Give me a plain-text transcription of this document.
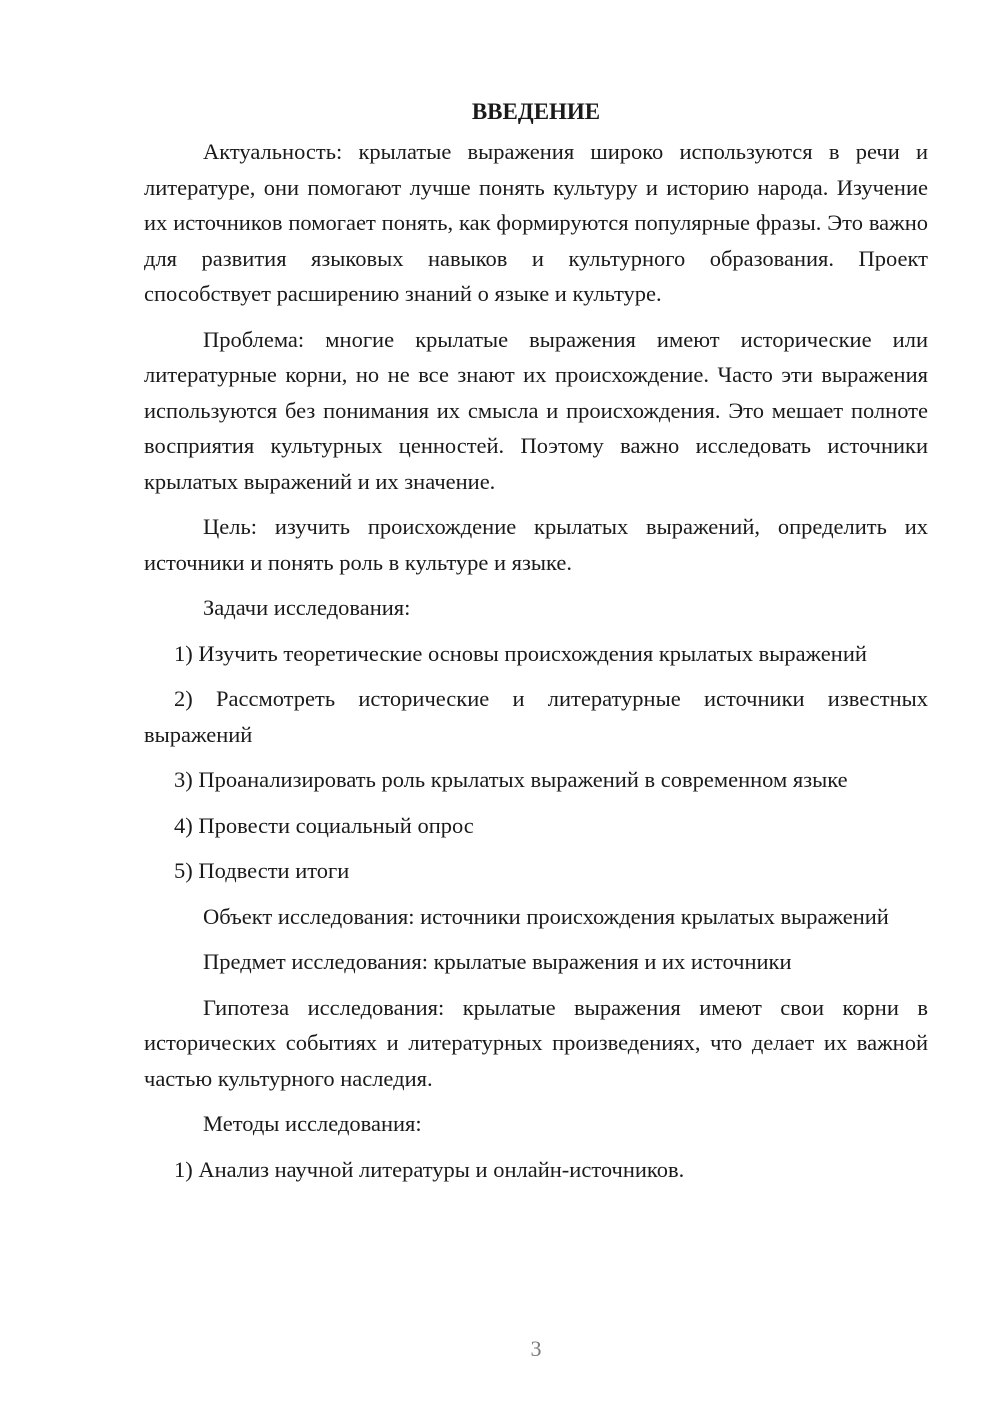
ВВЕДЕНИЕ

Актуальность: крылатые выражения широко используются в речи и литературе, они помогают лучше понять культуру и историю народа. Изучение их источников помогает понять, как формируются популярные фразы. Это важно для развития языковых навыков и культурного образования. Проект способствует расширению знаний о языке и культуре.

Проблема: многие крылатые выражения имеют исторические или литературные корни, но не все знают их происхождение. Часто эти выражения используются без понимания их смысла и происхождения. Это мешает полноте восприятия культурных ценностей. Поэтому важно исследовать источники крылатых выражений и их значение.

Цель: изучить происхождение крылатых выражений, определить их источники и понять роль в культуре и языке.

Задачи исследования:

1) Изучить теоретические основы происхождения крылатых выражений

2) Рассмотреть исторические и литературные источники известных выражений

3) Проанализировать роль крылатых выражений в современном языке

4) Провести социальный опрос

5) Подвести итоги

Объект исследования: источники происхождения крылатых выражений

Предмет исследования: крылатые выражения и их источники

Гипотеза исследования: крылатые выражения имеют свои корни в исторических событиях и литературных произведениях, что делает их важной частью культурного наследия.

Методы исследования:

1) Анализ научной литературы и онлайн-источников.

3
